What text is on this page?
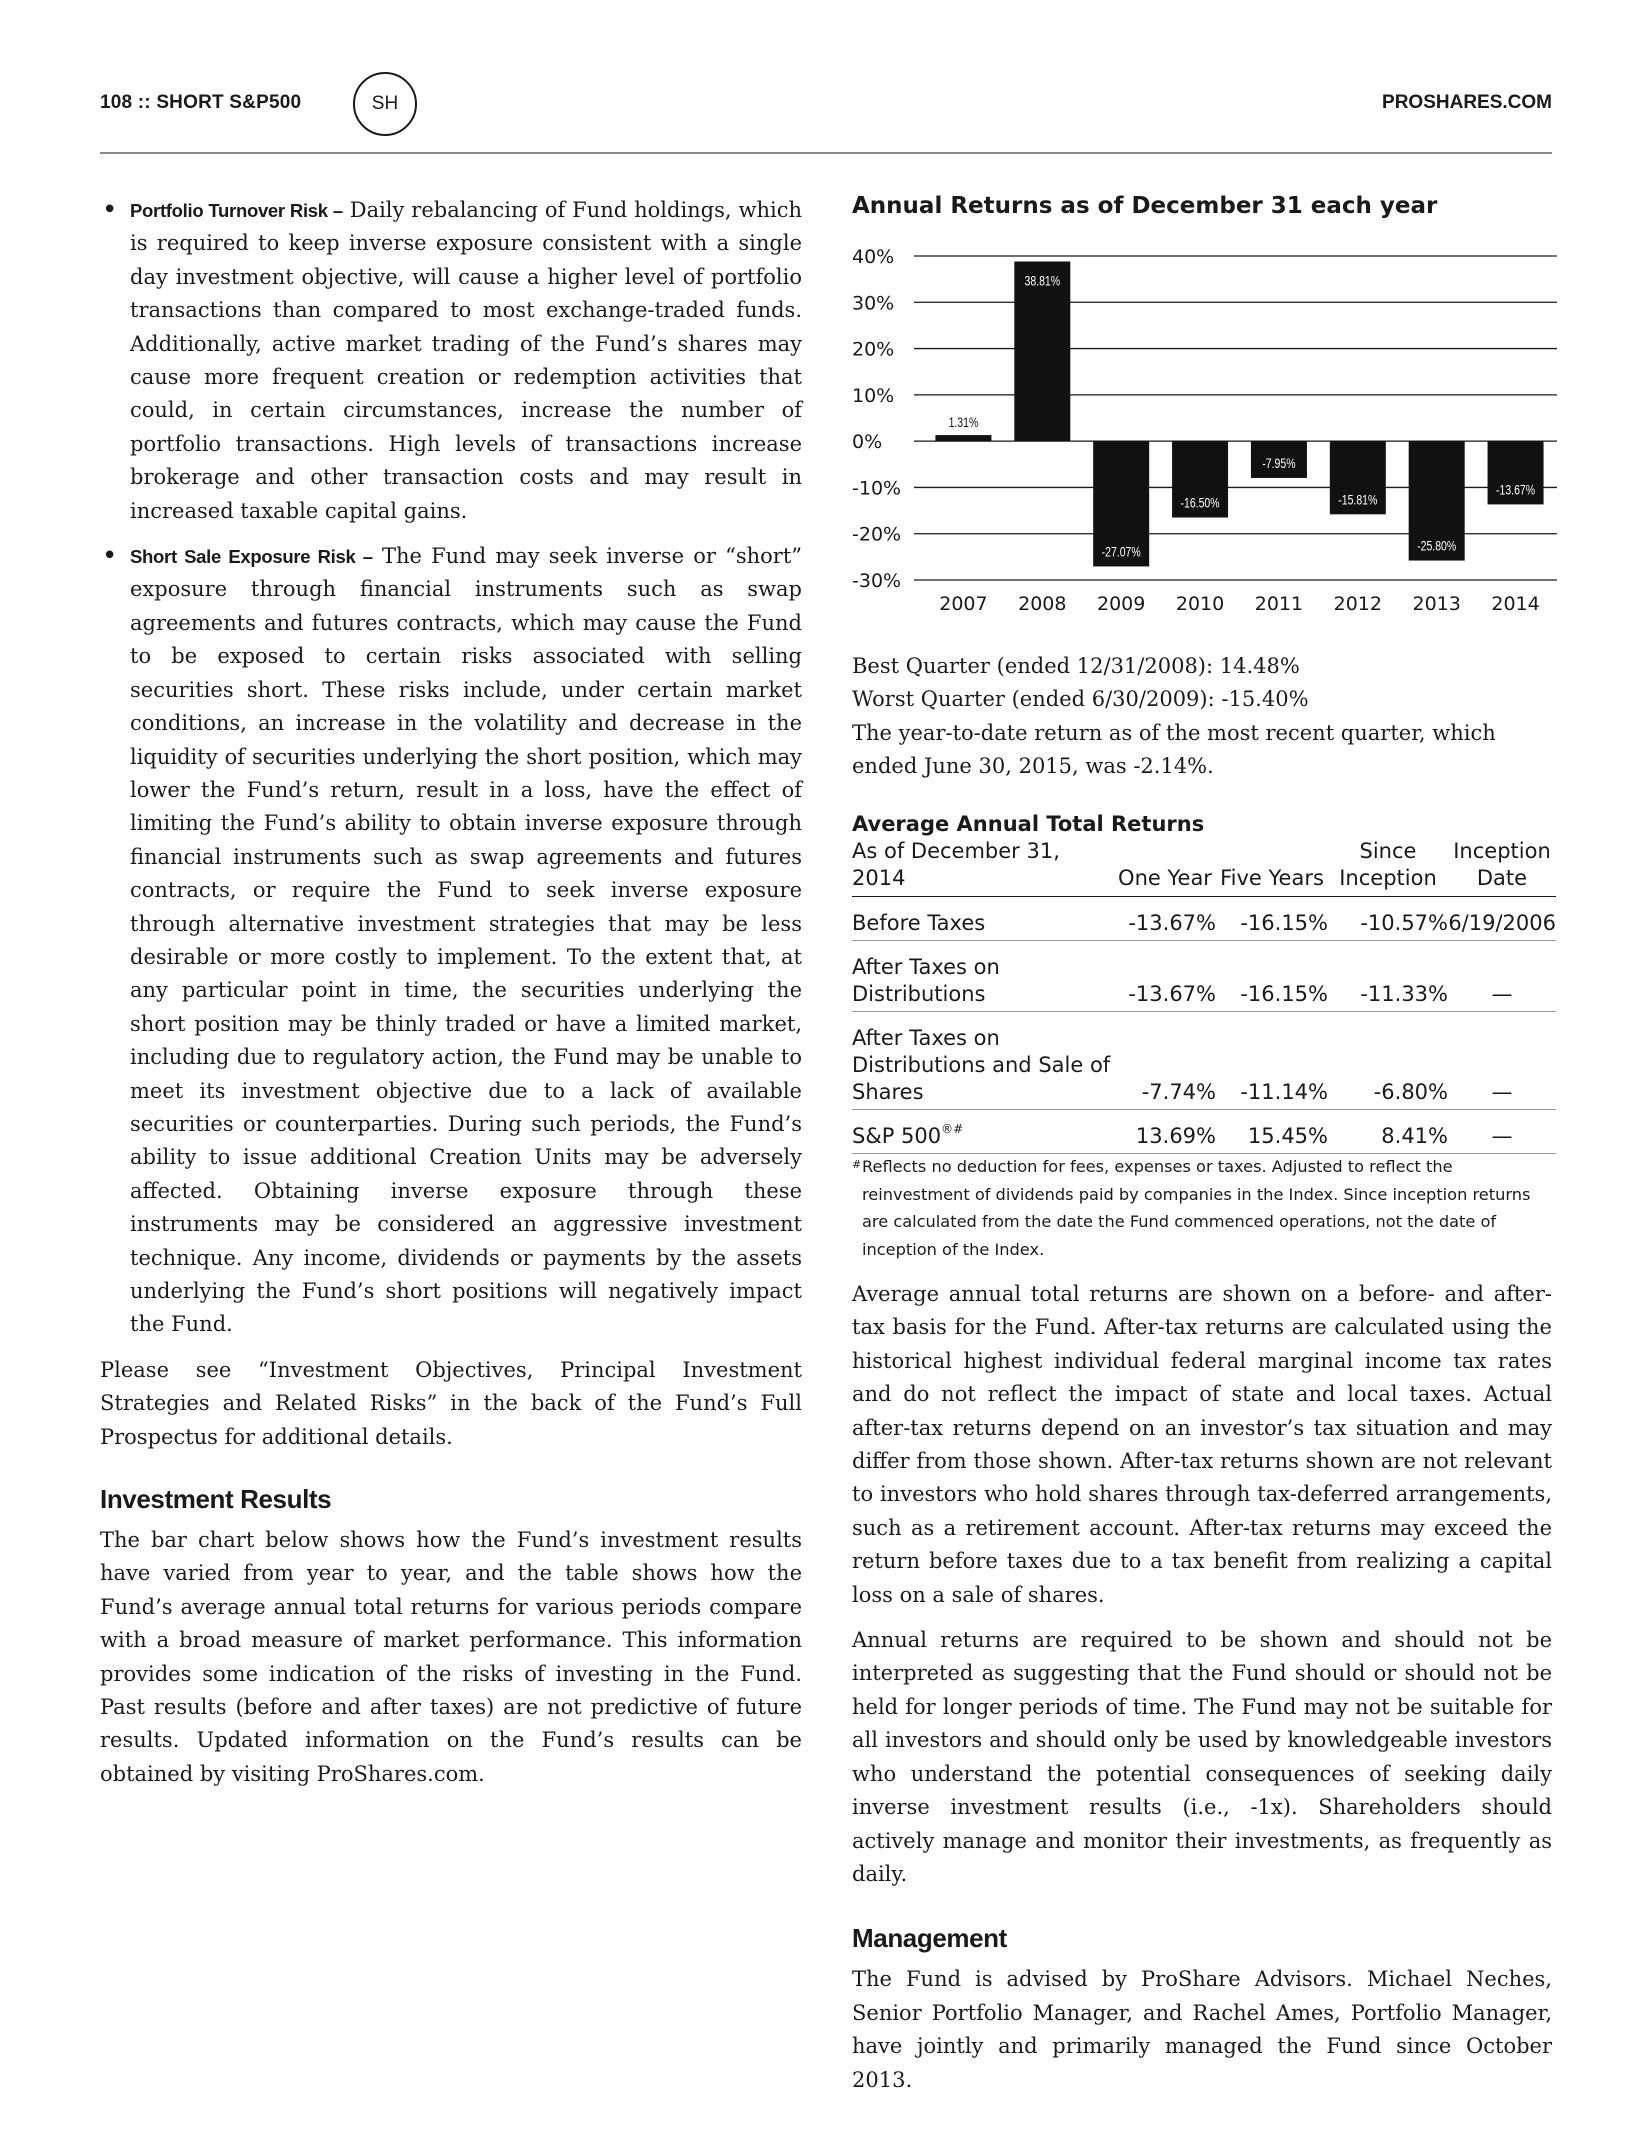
108 :: SHORT S&P500	SH	PROSHARES.COM

• Portfolio Turnover Risk – Daily rebalancing of Fund holdings, which is required to keep inverse exposure consistent with a single day investment objective, will cause a higher level of portfolio transactions than compared to most exchange-traded funds. Additionally, active market trading of the Fund’s shares may cause more frequent creation or redemption activities that could, in certain circumstances, increase the number of portfolio transactions. High levels of transactions increase brokerage and other transaction costs and may result in increased taxable capital gains.

• Short Sale Exposure Risk – The Fund may seek inverse or “short” exposure through financial instruments such as swap agreements and futures contracts, which may cause the Fund to be exposed to certain risks associated with selling securities short. These risks include, under certain market conditions, an increase in the volatility and decrease in the liquidity of securities underlying the short position, which may lower the Fund’s return, result in a loss, have the effect of limiting the Fund’s ability to obtain inverse exposure through financial instruments such as swap agreements and futures contracts, or require the Fund to seek inverse exposure through alternative investment strategies that may be less desirable or more costly to implement. To the extent that, at any particular point in time, the securities underlying the short position may be thinly traded or have a limited market, including due to regulatory action, the Fund may be unable to meet its investment objective due to a lack of available securities or counterparties. During such periods, the Fund’s ability to issue additional Creation Units may be adversely affected. Obtaining inverse exposure through these instruments may be considered an aggressive investment technique. Any income, dividends or payments by the assets underlying the Fund’s short positions will negatively impact the Fund.

Please see “Investment Objectives, Principal Investment Strategies and Related Risks” in the back of the Fund’s Full Prospectus for additional details.

Investment Results

The bar chart below shows how the Fund’s investment results have varied from year to year, and the table shows how the Fund’s average annual total returns for various periods compare with a broad measure of market performance. This information provides some indication of the risks of investing in the Fund. Past results (before and after taxes) are not predictive of future results. Updated information on the Fund’s results can be obtained by visiting ProShares.com.

Annual Returns as of December 31 each year
40%
30%
20%
10%
0%
-10%
-20%
-30%
1.31%
2007
38.81%
2008
-27.07%
2009
-16.50%
2010
-7.95%
2011
-15.81%
2012
-25.80%
2013
-13.67%
2014
Best Quarter (ended 12/31/2008): 14.48%
Worst Quarter (ended 6/30/2009): -15.40%
The year-to-date return as of the most recent quarter, which ended June 30, 2015, was -2.14%.
Average Annual Total Returns
As of December 31, 2014	One Year	Five Years	Since Inception	Inception Date
Before Taxes	-13.67%	-16.15%	-10.57%	6/19/2006
After Taxes on Distributions	-13.67%	-16.15%	-11.33%	—
After Taxes on Distributions and Sale of Shares	-7.74%	-11.14%	-6.80%	—
S&P 500®#	13.69%	15.45%	8.41%	—
# Reflects no deduction for fees, expenses or taxes. Adjusted to reflect the reinvestment of dividends paid by companies in the Index. Since inception returns are calculated from the date the Fund commenced operations, not the date of inception of the Index.

Average annual total returns are shown on a before- and after-tax basis for the Fund. After-tax returns are calculated using the historical highest individual federal marginal income tax rates and do not reflect the impact of state and local taxes. Actual after-tax returns depend on an investor’s tax situation and may differ from those shown. After-tax returns shown are not relevant to investors who hold shares through tax-deferred arrangements, such as a retirement account. After-tax returns may exceed the return before taxes due to a tax benefit from realizing a capital loss on a sale of shares.

Annual returns are required to be shown and should not be interpreted as suggesting that the Fund should or should not be held for longer periods of time. The Fund may not be suitable for all investors and should only be used by knowledgeable investors who understand the potential consequences of seeking daily inverse investment results (i.e., -1x). Shareholders should actively manage and monitor their investments, as frequently as daily.

Management

The Fund is advised by ProShare Advisors. Michael Neches, Senior Portfolio Manager, and Rachel Ames, Portfolio Manager, have jointly and primarily managed the Fund since October 2013.
